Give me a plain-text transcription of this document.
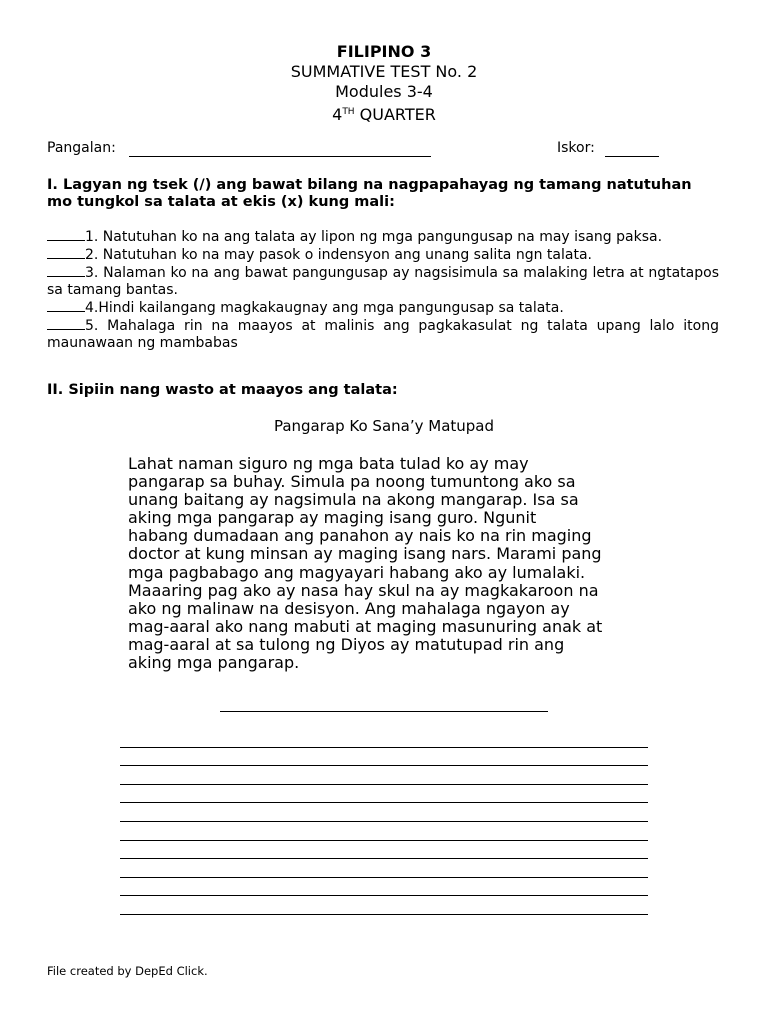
FILIPINO 3
SUMMATIVE TEST No. 2
Modules 3-4
4TH QUARTER
Pangalan:	Iskor:
I. Lagyan ng tsek (/) ang bawat bilang na nagpapahayag ng tamang natutuhan mo tungkol sa talata at ekis (x) kung mali:
1. Natutuhan ko na ang talata ay lipon ng mga pangungusap na may isang paksa.
2. Natutuhan ko na may pasok o indensyon ang unang salita ngn talata.
3. Nalaman ko na ang bawat pangungusap ay nagsisimula sa malaking letra at ngtatapos sa tamang bantas.
4.Hindi kailangang magkakaugnay ang mga pangungusap sa talata.
5. Mahalaga rin na maayos at malinis ang pagkakasulat ng talata upang lalo itong maunawaan ng mambabas
II. Sipiin nang wasto at maayos ang talata:
Pangarap Ko Sana’y Matupad
Lahat naman siguro ng mga bata tulad ko ay may
pangarap sa buhay. Simula pa noong tumuntong ako sa
unang baitang ay nagsimula na akong mangarap. Isa sa
aking mga pangarap ay maging isang guro. Ngunit
habang dumadaan ang panahon ay nais ko na rin maging
doctor at kung minsan ay maging isang nars. Marami pang
mga pagbabago ang magyayari habang ako ay lumalaki.
Maaaring pag ako ay nasa hay skul na ay magkakaroon na
ako ng malinaw na desisyon. Ang mahalaga ngayon ay
mag-aaral ako nang mabuti at maging masunuring anak at
mag-aaral at sa tulong ng Diyos ay matutupad rin ang
aking mga pangarap.
File created by DepEd Click.
